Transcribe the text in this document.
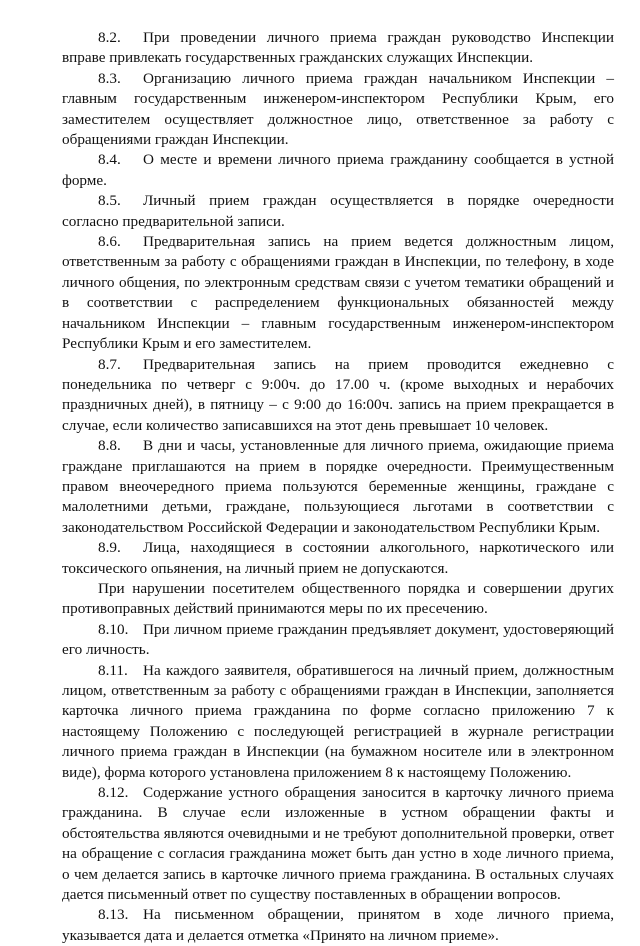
8.2. При проведении личного приема граждан руководство Инспекции вправе привлекать государственных гражданских служащих Инспекции.

8.3. Организацию личного приема граждан начальником Инспекции – главным государственным инженером-инспектором Республики Крым, его заместителем осуществляет должностное лицо, ответственное за работу с обращениями граждан Инспекции.

8.4. О месте и времени личного приема гражданину сообщается в устной форме.

8.5. Личный прием граждан осуществляется в порядке очередности согласно предварительной записи.

8.6. Предварительная запись на прием ведется должностным лицом, ответственным за работу с обращениями граждан в Инспекции, по телефону, в ходе личного общения, по электронным средствам связи с учетом тематики обращений и в соответствии с распределением функциональных обязанностей между начальником Инспекции – главным государственным инженером-инспектором Республики Крым и его заместителем.

8.7. Предварительная запись на прием проводится ежедневно с понедельника по четверг с 9:00ч. до 17.00 ч. (кроме выходных и нерабочих праздничных дней), в пятницу – с 9:00 до 16:00ч. запись на прием прекращается в случае, если количество записавшихся на этот день превышает 10 человек.

8.8. В дни и часы, установленные для личного приема, ожидающие приема граждане приглашаются на прием в порядке очередности. Преимущественным правом внеочередного приема пользуются беременные женщины, граждане с малолетними детьми, граждане, пользующиеся льготами в соответствии с законодательством Российской Федерации и законодательством Республики Крым.

8.9. Лица, находящиеся в состоянии алкогольного, наркотического или токсического опьянения, на личный прием не допускаются.

При нарушении посетителем общественного порядка и совершении других противоправных действий принимаются меры по их пресечению.

8.10. При личном приеме гражданин предъявляет документ, удостоверяющий его личность.

8.11. На каждого заявителя, обратившегося на личный прием, должностным лицом, ответственным за работу с обращениями граждан в Инспекции, заполняется карточка личного приема гражданина по форме согласно приложению 7 к настоящему Положению с последующей регистрацией в журнале регистрации личного приема граждан в Инспекции (на бумажном носителе или в электронном виде), форма которого установлена приложением 8 к настоящему Положению.

8.12. Содержание устного обращения заносится в карточку личного приема гражданина. В случае если изложенные в устном обращении факты и обстоятельства являются очевидными и не требуют дополнительной проверки, ответ на обращение с согласия гражданина может быть дан устно в ходе личного приема, о чем делается запись в карточке личного приема гражданина. В остальных случаях дается письменный ответ по существу поставленных в обращении вопросов.

8.13. На письменном обращении, принятом в ходе личного приема, указывается дата и делается отметка «Принято на личном приеме».
